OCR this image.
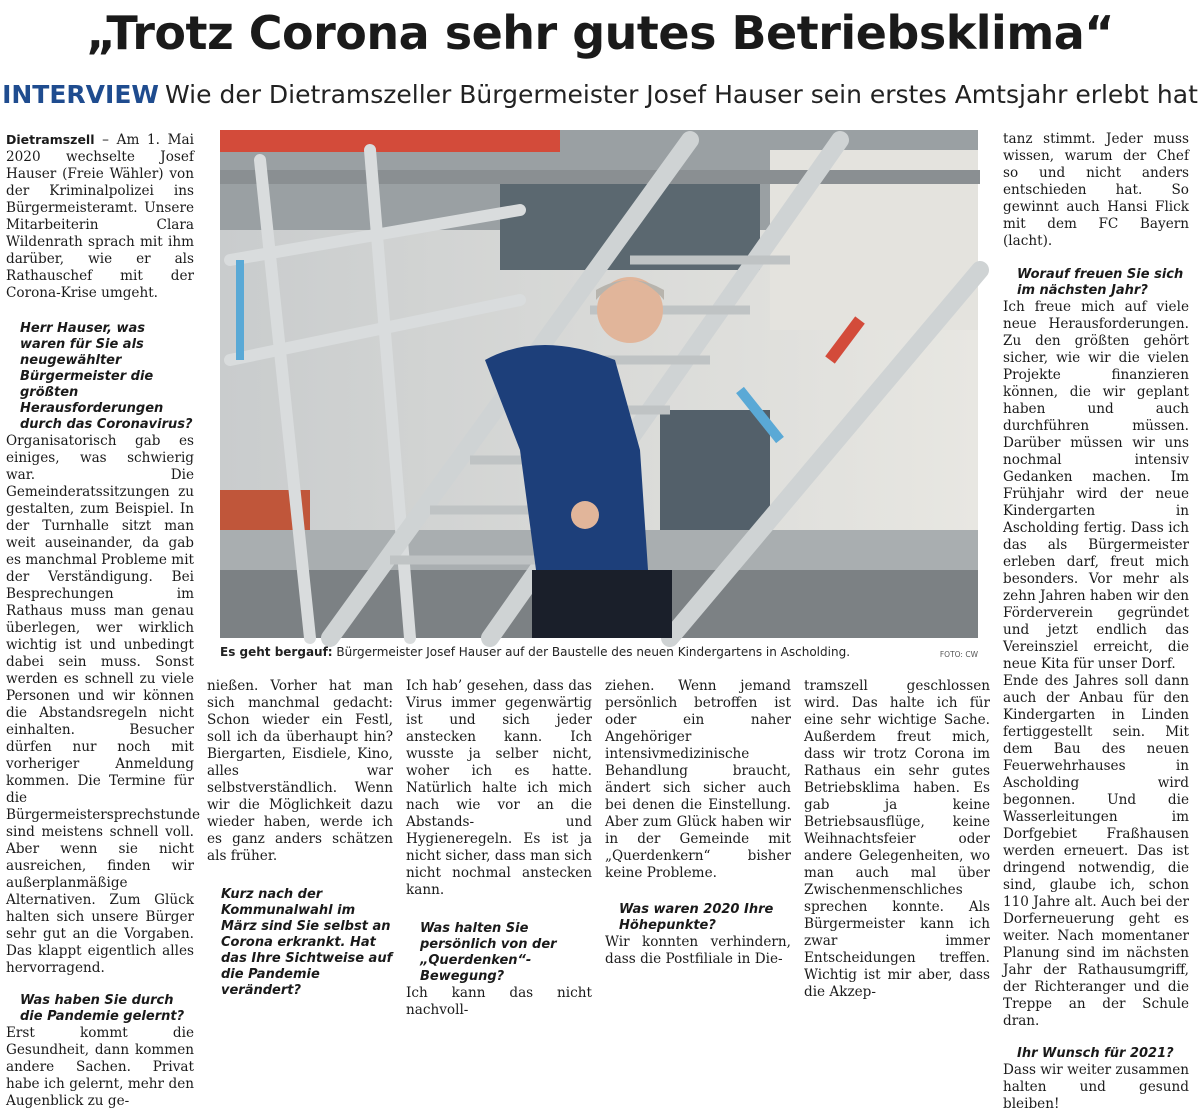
„Trotz Corona sehr gutes Betriebsklima“
INTERVIEW Wie der Dietramszeller Bürgermeister Josef Hauser sein erstes Amtsjahr erlebt hat

Dietramszell – Am 1. Mai 2020 wechselte Josef Hauser (Freie Wähler) von der Kriminalpolizei ins Bürgermeisteramt. Unsere Mitarbeiterin Clara Wildenrath sprach mit ihm darüber, wie er als Rathauschef mit der Corona-Krise umgeht.

Herr Hauser, was waren für Sie als neugewählter Bürgermeister die größten Herausforderungen durch das Coronavirus?

Organisatorisch gab es einiges, was schwierig war. Die Gemeinderatssitzungen zu gestalten, zum Beispiel. In der Turnhalle sitzt man weit auseinander, da gab es manchmal Probleme mit der Verständigung. Bei Besprechungen im Rathaus muss man genau überlegen, wer wirklich wichtig ist und unbedingt dabei sein muss. Sonst werden es schnell zu viele Personen und wir können die Abstandsregeln nicht einhalten. Besucher dürfen nur noch mit vorheriger Anmeldung kommen. Die Termine für die Bürgermeistersprechstunde sind meistens schnell voll. Aber wenn sie nicht ausreichen, finden wir außerplanmäßige Alternativen. Zum Glück halten sich unsere Bürger sehr gut an die Vorgaben. Das klappt eigentlich alles hervorragend.

Was haben Sie durch die Pandemie gelernt?

Erst kommt die Gesundheit, dann kommen andere Sachen. Privat habe ich gelernt, mehr den Augenblick zu ge-

Es geht bergauf: Bürgermeister Josef Hauser auf der Baustelle des neuen Kindergartens in Ascholding.	FOTO: CW

nießen. Vorher hat man sich manchmal gedacht: Schon wieder ein Festl, soll ich da überhaupt hin? Biergarten, Eisdiele, Kino, alles war selbstverständlich. Wenn wir die Möglichkeit dazu wieder haben, werde ich es ganz anders schätzen als früher.

Kurz nach der Kommunalwahl im März sind Sie selbst an Corona erkrankt. Hat das Ihre Sichtweise auf die Pandemie verändert?

Ich hab’ gesehen, dass das Virus immer gegenwärtig ist und sich jeder anstecken kann. Ich wusste ja selber nicht, woher ich es hatte. Natürlich halte ich mich nach wie vor an die Abstands- und Hygieneregeln. Es ist ja nicht sicher, dass man sich nicht nochmal anstecken kann.

Was halten Sie persönlich von der „Querdenken“-Bewegung?

Ich kann das nicht nachvoll-

ziehen. Wenn jemand persönlich betroffen ist oder ein naher Angehöriger intensivmedizinische Behandlung braucht, ändert sich sicher auch bei denen die Einstellung. Aber zum Glück haben wir in der Gemeinde mit „Querdenkern“ bisher keine Probleme.

Was waren 2020 Ihre Höhepunkte?

Wir konnten verhindern, dass die Postfiliale in Die-

tramszell geschlossen wird. Das halte ich für eine sehr wichtige Sache. Außerdem freut mich, dass wir trotz Corona im Rathaus ein sehr gutes Betriebsklima haben. Es gab ja keine Betriebsausflüge, keine Weihnachtsfeier oder andere Gelegenheiten, wo man auch mal über Zwischenmenschliches sprechen konnte. Als Bürgermeister kann ich zwar immer Entscheidungen treffen. Wichtig ist mir aber, dass die Akzep-

tanz stimmt. Jeder muss wissen, warum der Chef so und nicht anders entschieden hat. So gewinnt auch Hansi Flick mit dem FC Bayern (lacht).

Worauf freuen Sie sich im nächsten Jahr?

Ich freue mich auf viele neue Herausforderungen. Zu den größten gehört sicher, wie wir die vielen Projekte finanzieren können, die wir geplant haben und auch durchführen müssen. Darüber müssen wir uns nochmal intensiv Gedanken machen. Im Frühjahr wird der neue Kindergarten in Ascholding fertig. Dass ich das als Bürgermeister erleben darf, freut mich besonders. Vor mehr als zehn Jahren haben wir den Förderverein gegründet und jetzt endlich das Vereinsziel erreicht, die neue Kita für unser Dorf.

Ende des Jahres soll dann auch der Anbau für den Kindergarten in Linden fertiggestellt sein. Mit dem Bau des neuen Feuerwehrhauses in Ascholding wird begonnen. Und die Wasserleitungen im Dorfgebiet Fraßhausen werden erneuert. Das ist dringend notwendig, die sind, glaube ich, schon 110 Jahre alt. Auch bei der Dorferneuerung geht es weiter. Nach momentaner Planung sind im nächsten Jahr der Rathausumgriff, der Richteranger und die Treppe an der Schule dran.

Ihr Wunsch für 2021?

Dass wir weiter zusammen halten und gesund bleiben!
